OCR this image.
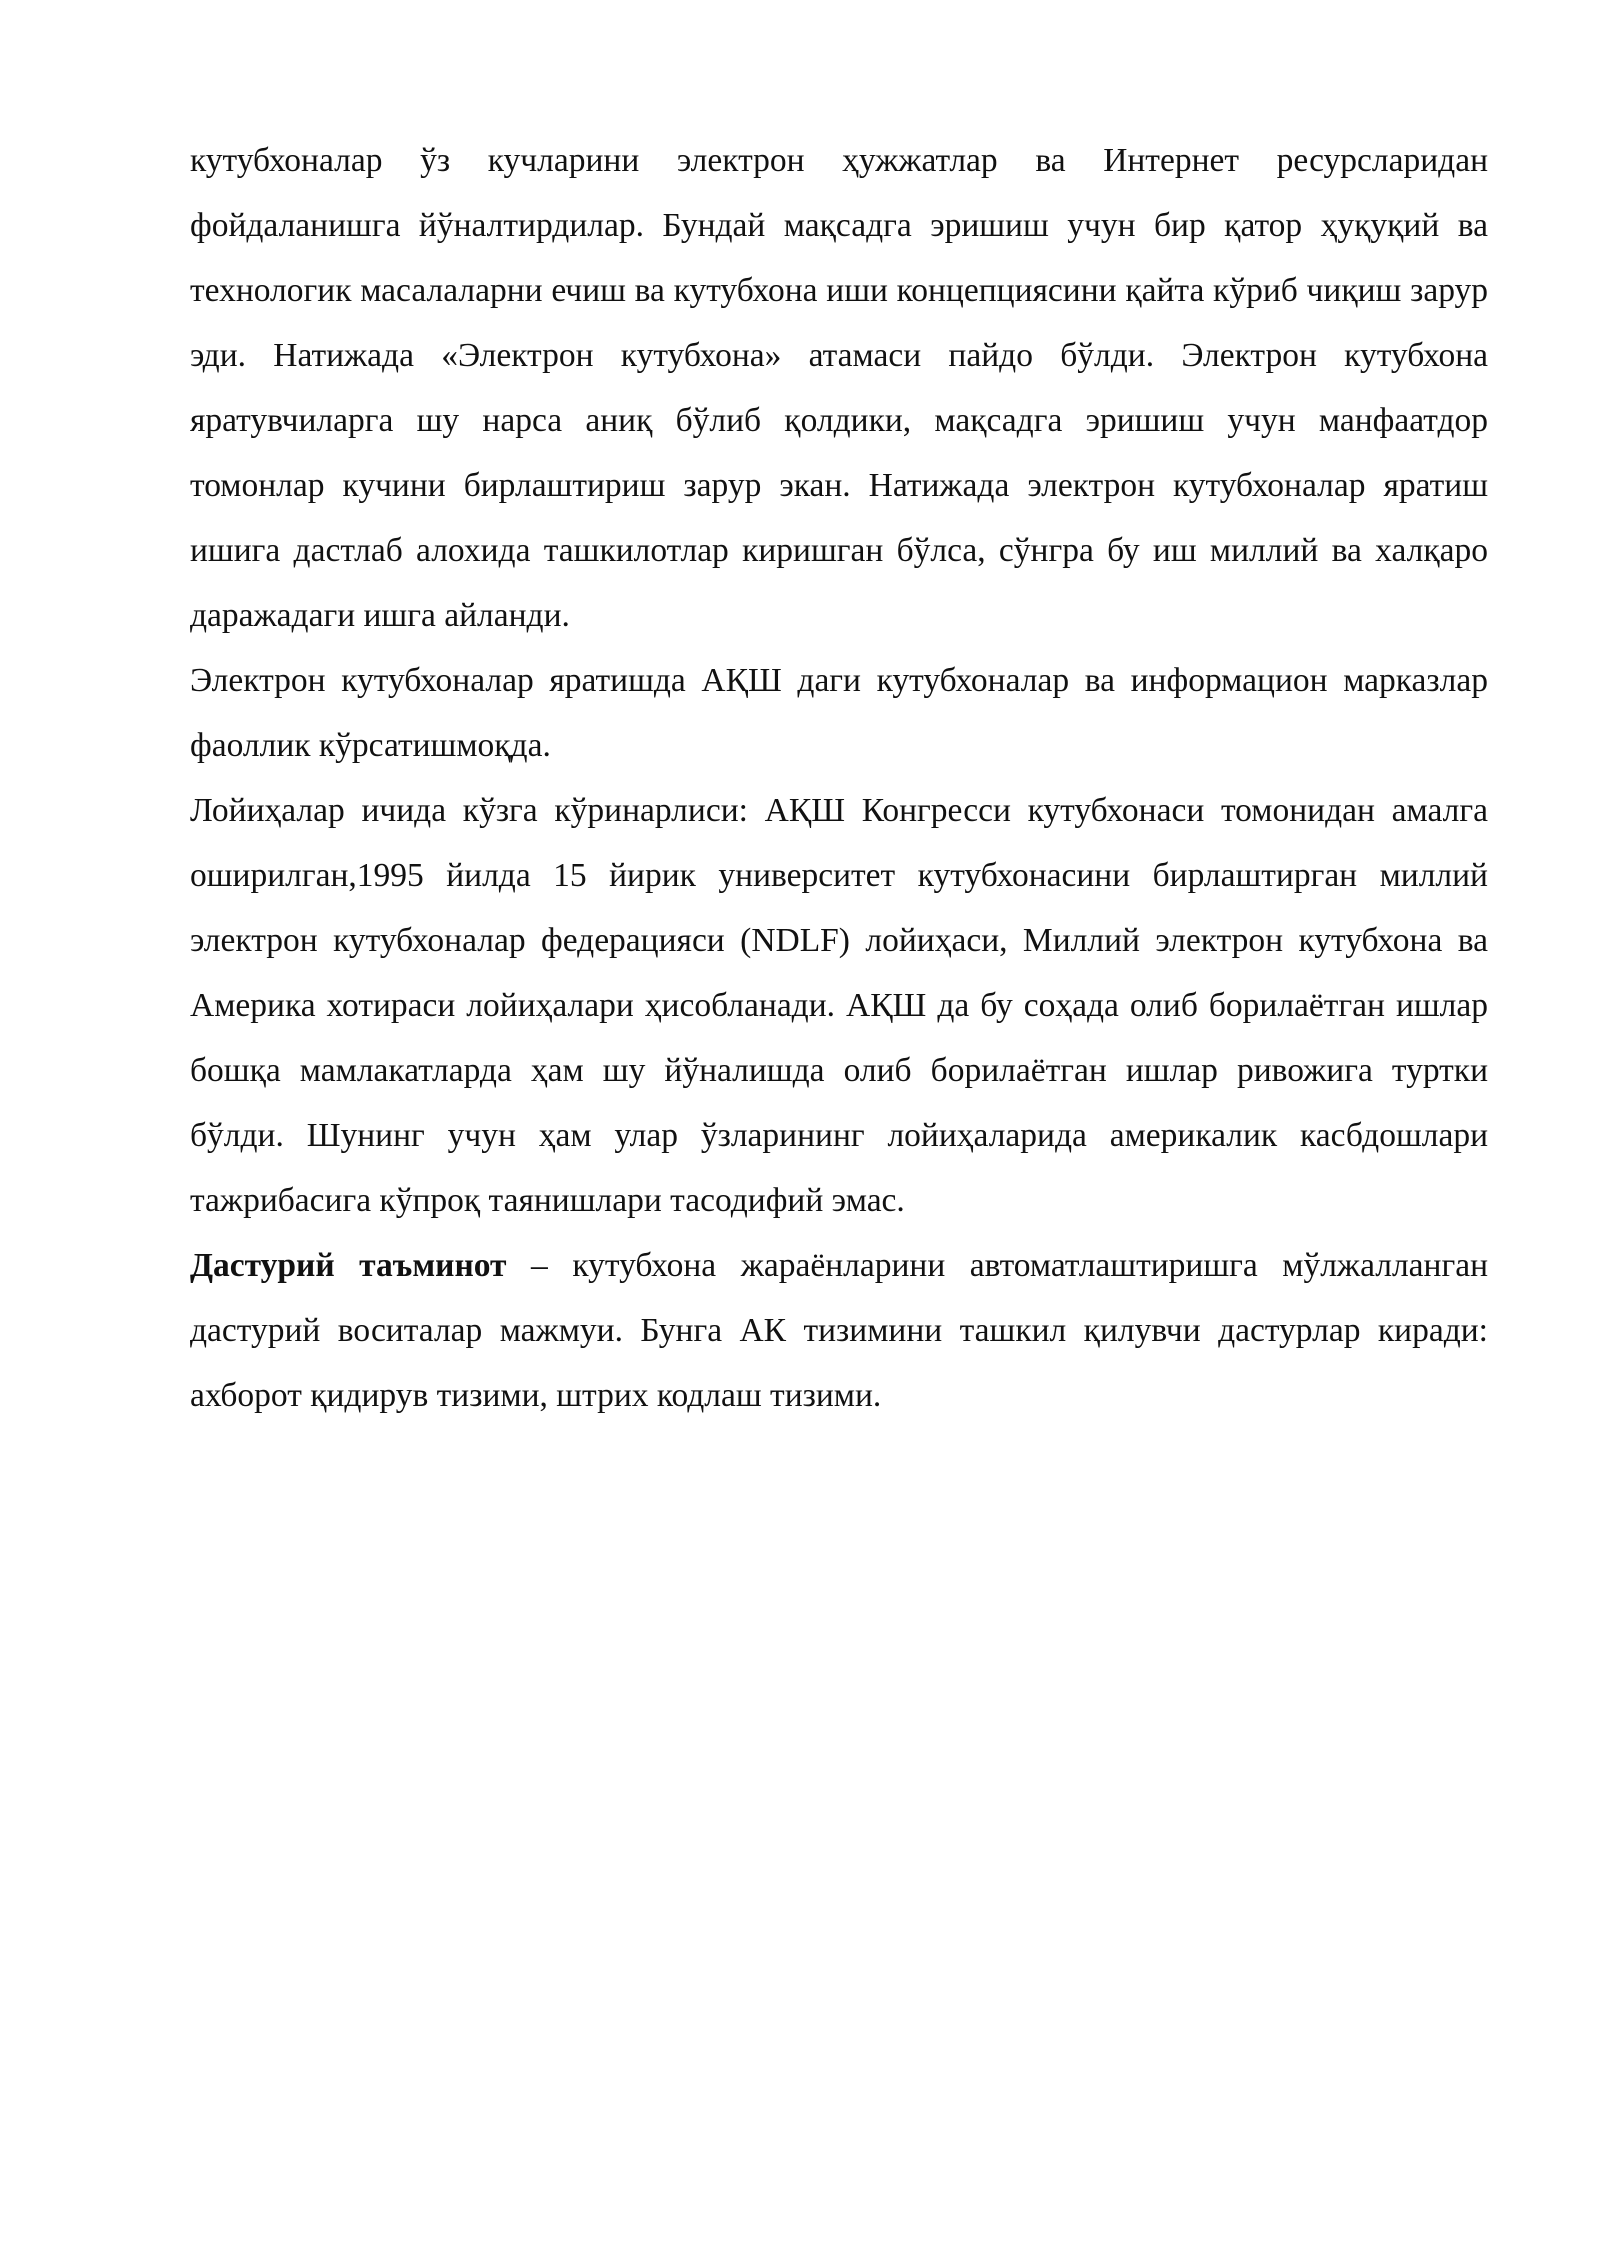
кутубхоналар ўз кучларини электрон ҳужжатлар ва Интернет ресурсларидан фойдаланишга йўналтирдилар. Бундай мақсадга эришиш учун бир қатор ҳуқуқий ва технологик масалаларни ечиш ва кутубхона иши концепциясини қайта кўриб чиқиш зарур эди. Натижада «Электрон кутубхона» атамаси пайдо бўлди. Электрон кутубхона яратувчиларга шу нарса аниқ бўлиб қолдики, мақсадга эришиш учун манфаатдор томонлар кучини бирлаштириш зарур экан. Натижада электрон кутубхоналар яратиш ишига дастлаб алохида ташкилотлар киришган бўлса, сўнгра бу иш миллий ва халқаро даражадаги ишга айланди.

Электрон кутубхоналар яратишда АҚШ даги кутубхоналар ва информацион марказлар фаоллик кўрсатишмоқда.

Лойиҳалар ичида кўзга кўринарлиси: АҚШ Конгресси кутубхонаси томонидан амалга оширилган,1995 йилда 15 йирик университет кутубхонасини бирлаштирган миллий электрон кутубхоналар федерацияси (NDLF) лойиҳаси, Миллий электрон кутубхона ва Америка хотираси лойиҳалари ҳисобланади. АҚШ да бу соҳада олиб борилаётган ишлар бошқа мамлакатларда ҳам шу йўналишда олиб борилаётган ишлар ривожига туртки бўлди. Шунинг учун ҳам улар ўзларининг лойиҳаларида америкалик касбдошлари тажрибасига кўпроқ таянишлари тасодифий эмас.

Дастурий таъминот – кутубхона жараёнларини автоматлаштиришга мўлжалланган дастурий воситалар мажмуи. Бунга АК тизимини ташкил қилувчи дастурлар киради: ахборот қидирув тизими, штрих кодлаш тизими.
